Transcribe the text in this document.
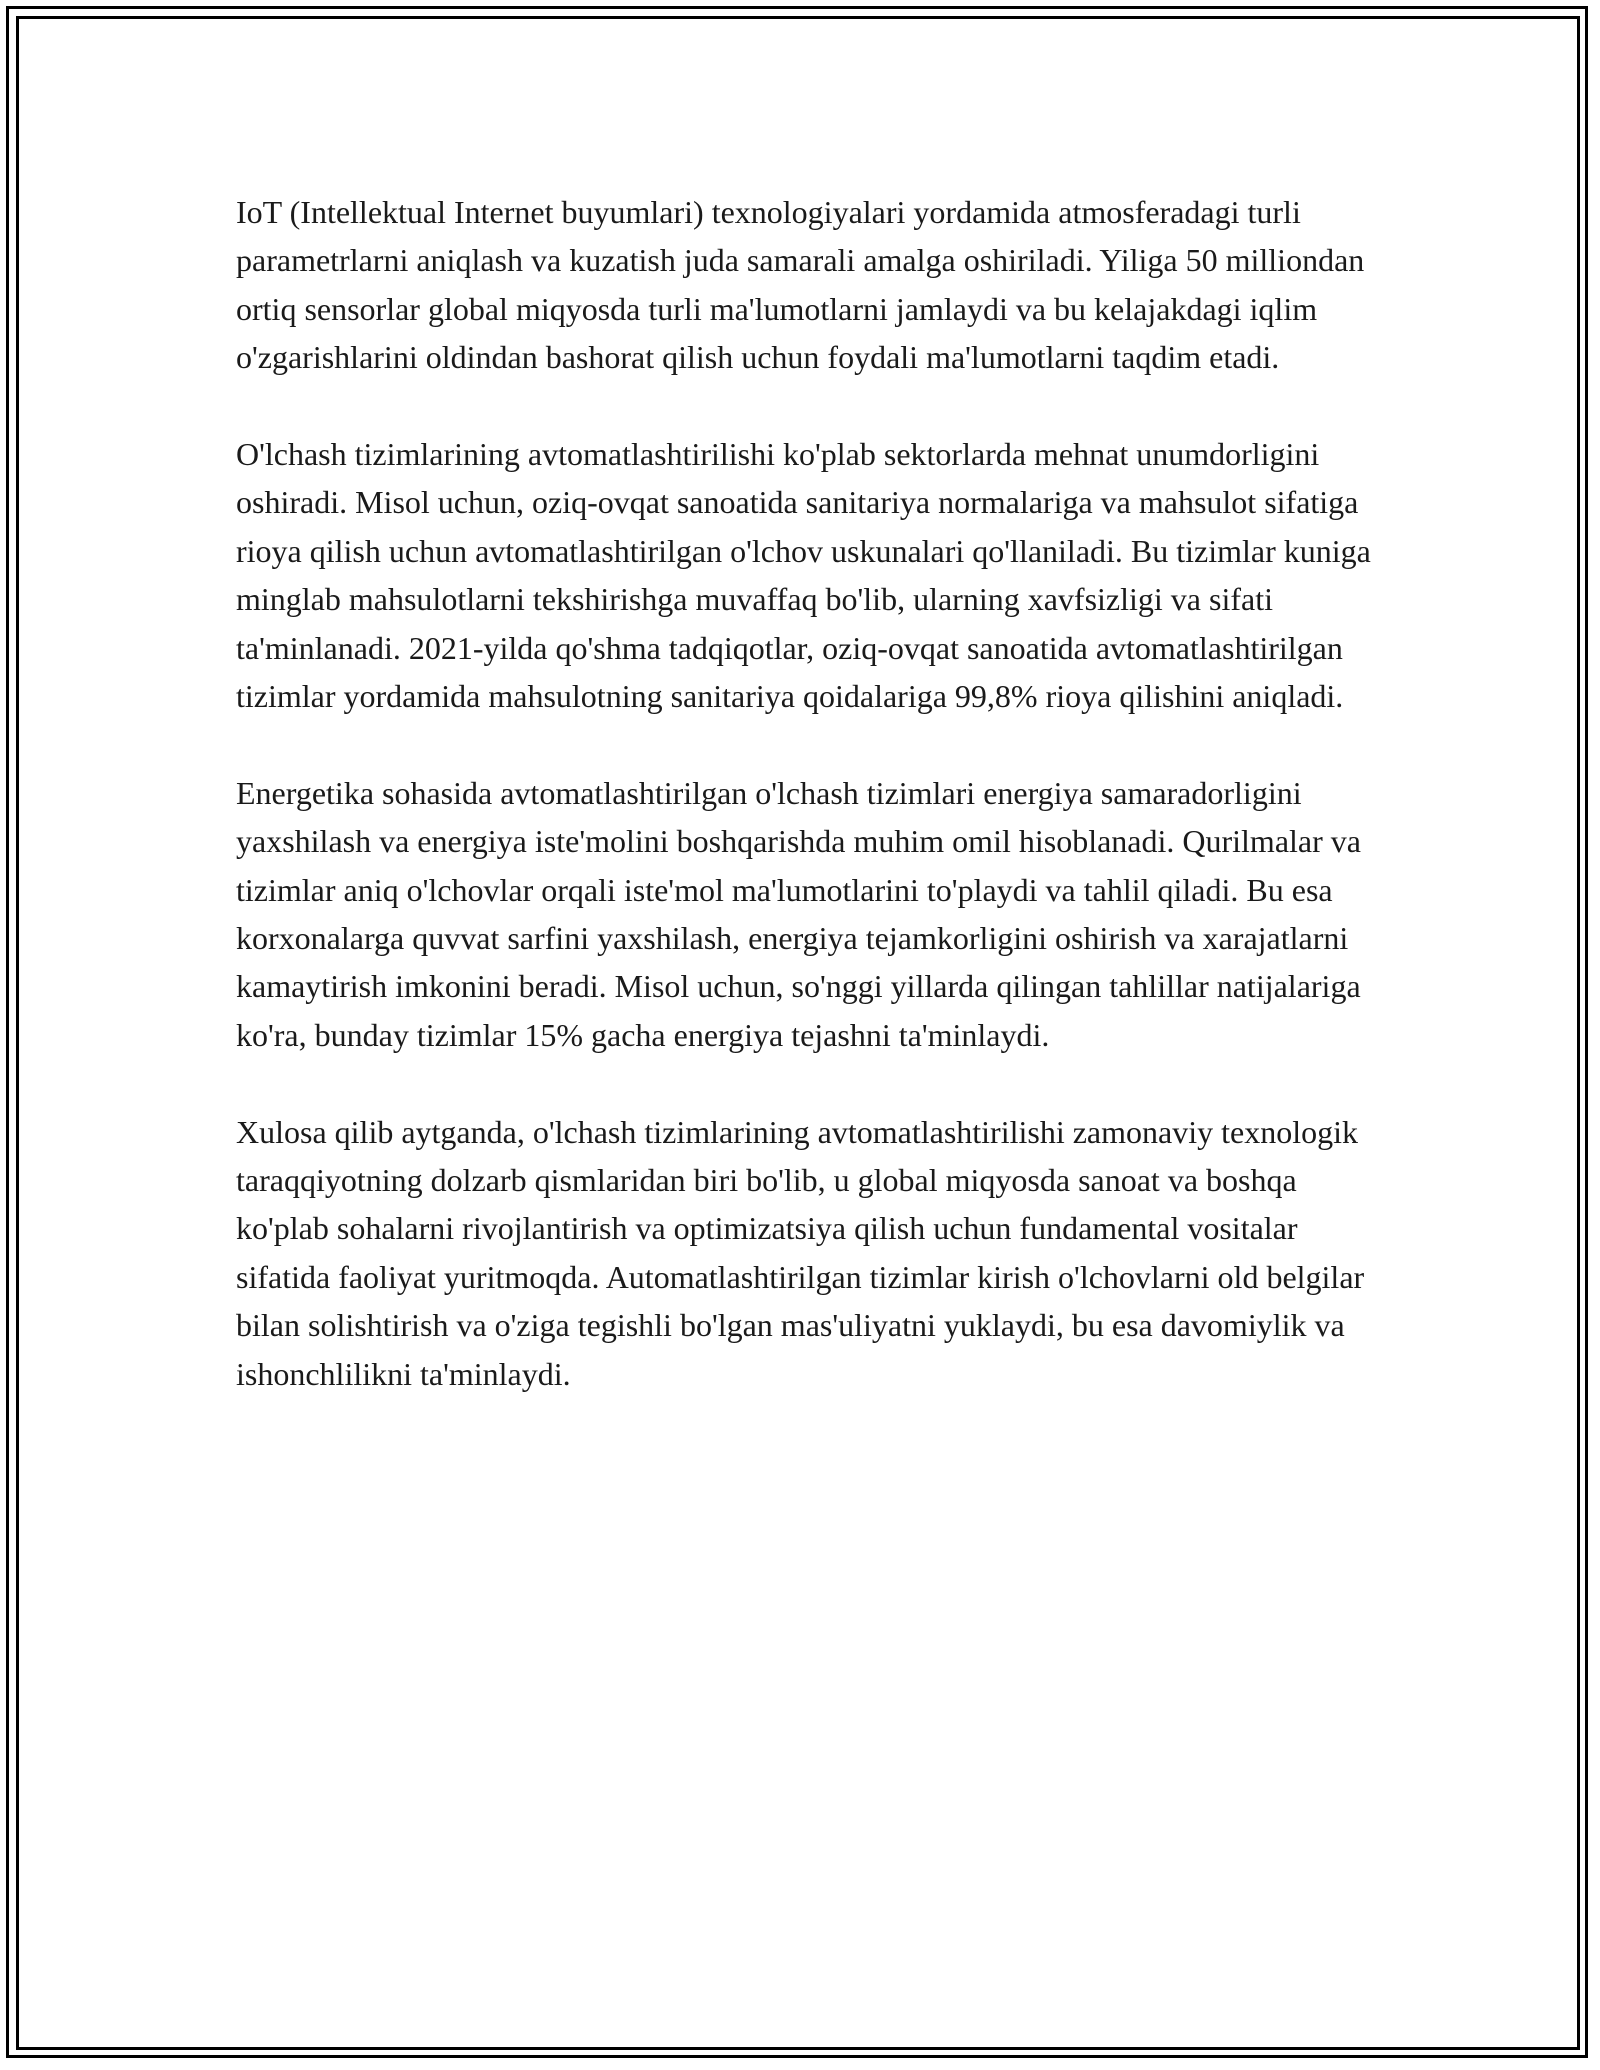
IoT (Intellektual Internet buyumlari) texnologiyalari yordamida atmosferadagi turli parametrlarni aniqlash va kuzatish juda samarali amalga oshiriladi. Yiliga 50 milliondan ortiq sensorlar global miqyosda turli ma'lumotlarni jamlaydi va bu kelajakdagi iqlim o'zgarishlarini oldindan bashorat qilish uchun foydali ma'lumotlarni taqdim etadi.

O'lchash tizimlarining avtomatlashtirilishi ko'plab sektorlarda mehnat unumdorligini oshiradi. Misol uchun, oziq-ovqat sanoatida sanitariya normalariga va mahsulot sifatiga rioya qilish uchun avtomatlashtirilgan o'lchov uskunalari qo'llaniladi. Bu tizimlar kuniga minglab mahsulotlarni tekshirishga muvaffaq bo'lib, ularning xavfsizligi va sifati ta'minlanadi. 2021-yilda qo'shma tadqiqotlar, oziq-ovqat sanoatida avtomatlashtirilgan tizimlar yordamida mahsulotning sanitariya qoidalariga 99,8% rioya qilishini aniqladi.

Energetika sohasida avtomatlashtirilgan o'lchash tizimlari energiya samaradorligini yaxshilash va energiya iste'molini boshqarishda muhim omil hisoblanadi. Qurilmalar va tizimlar aniq o'lchovlar orqali iste'mol ma'lumotlarini to'playdi va tahlil qiladi. Bu esa korxonalarga quvvat sarfini yaxshilash, energiya tejamkorligini oshirish va xarajatlarni kamaytirish imkonini beradi. Misol uchun, so'nggi yillarda qilingan tahlillar natijalariga ko'ra, bunday tizimlar 15% gacha energiya tejashni ta'minlaydi.

Xulosa qilib aytganda, o'lchash tizimlarining avtomatlashtirilishi zamonaviy texnologik taraqqiyotning dolzarb qismlaridan biri bo'lib, u global miqyosda sanoat va boshqa ko'plab sohalarni rivojlantirish va optimizatsiya qilish uchun fundamental vositalar sifatida faoliyat yuritmoqda. Automatlashtirilgan tizimlar kirish o'lchovlarni old belgilar bilan solishtirish va o'ziga tegishli bo'lgan mas'uliyatni yuklaydi, bu esa davomiylik va ishonchlilikni ta'minlaydi.
